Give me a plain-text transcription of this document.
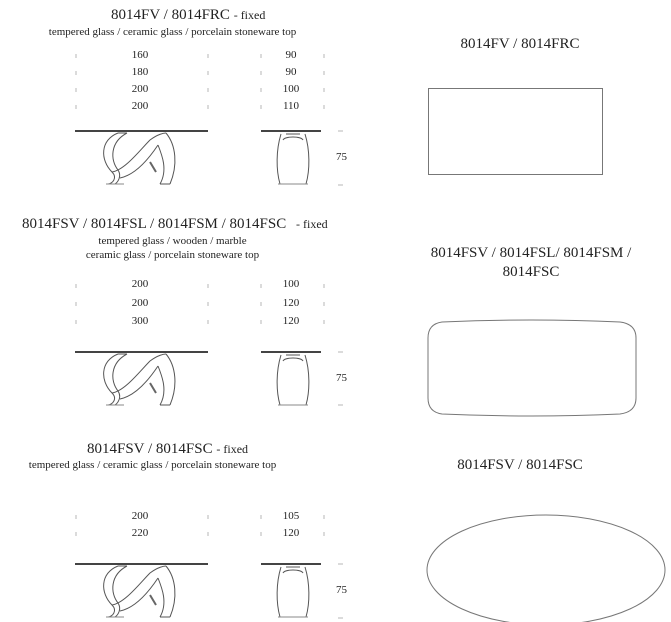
8014FV / 8014FRC - fixed
tempered glass / ceramic glass / porcelain stoneware top
160
180
200
200
90
90
100
110
75
8014FV / 8014FRC
8014FSV / 8014FSL / 8014FSM / 8014FSC   - fixed
tempered glass / wooden / marble
ceramic glass / porcelain stoneware top
200
200
300
100
120
120
75
8014FSV / 8014FSL/ 8014FSM / 8014FSC
8014FSV / 8014FSC - fixed
tempered glass / ceramic glass / porcelain stoneware top
200
220
105
120
75
8014FSV / 8014FSC
